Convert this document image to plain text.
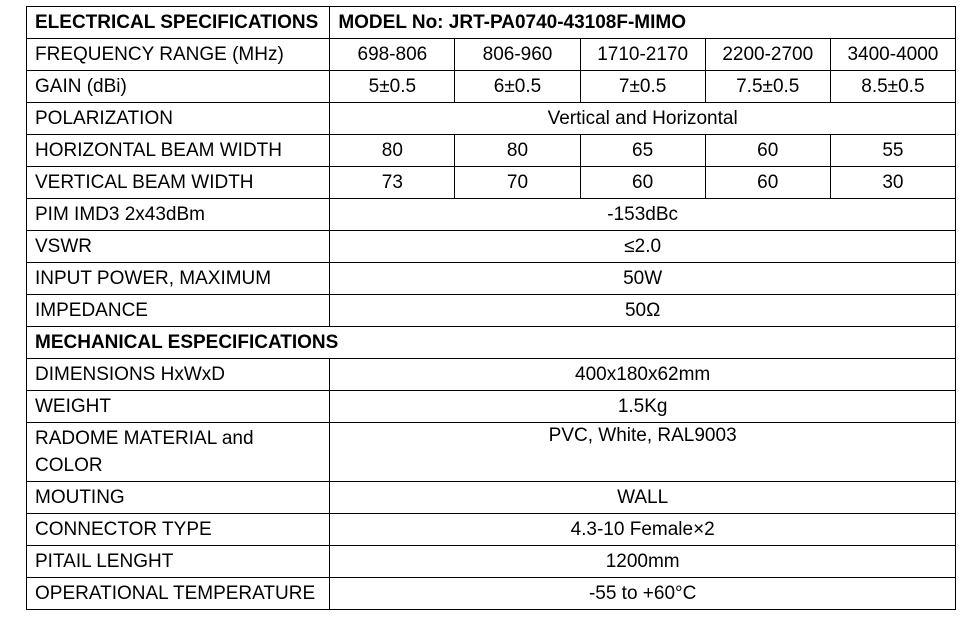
ELECTRICAL SPECIFICATIONS	MODEL No: JRT-PA0740-43108F-MIMO				
FREQUENCY RANGE (MHz)	698-806	806-960	1710-2170	2200-2700	3400-4000
GAIN (dBi)	5±0.5	6±0.5	7±0.5	7.5±0.5	8.5±0.5
POLARIZATION	Vertical and Horizontal				
HORIZONTAL BEAM WIDTH	80	80	65	60	55
VERTICAL BEAM WIDTH	73	70	60	60	30
PIM IMD3 2x43dBm	-153dBc				
VSWR	≤2.0				
INPUT POWER, MAXIMUM	50W				
IMPEDANCE	50Ω				
MECHANICAL ESPECIFICATIONS					
DIMENSIONS HxWxD	400x180x62mm				
WEIGHT	1.5Kg				
RADOME MATERIAL and COLOR	PVC, White, RAL9003				
MOUTING	WALL				
CONNECTOR TYPE	4.3-10 Female×2				
PITAIL LENGHT	1200mm				
OPERATIONAL TEMPERATURE	-55 to +60°C				
